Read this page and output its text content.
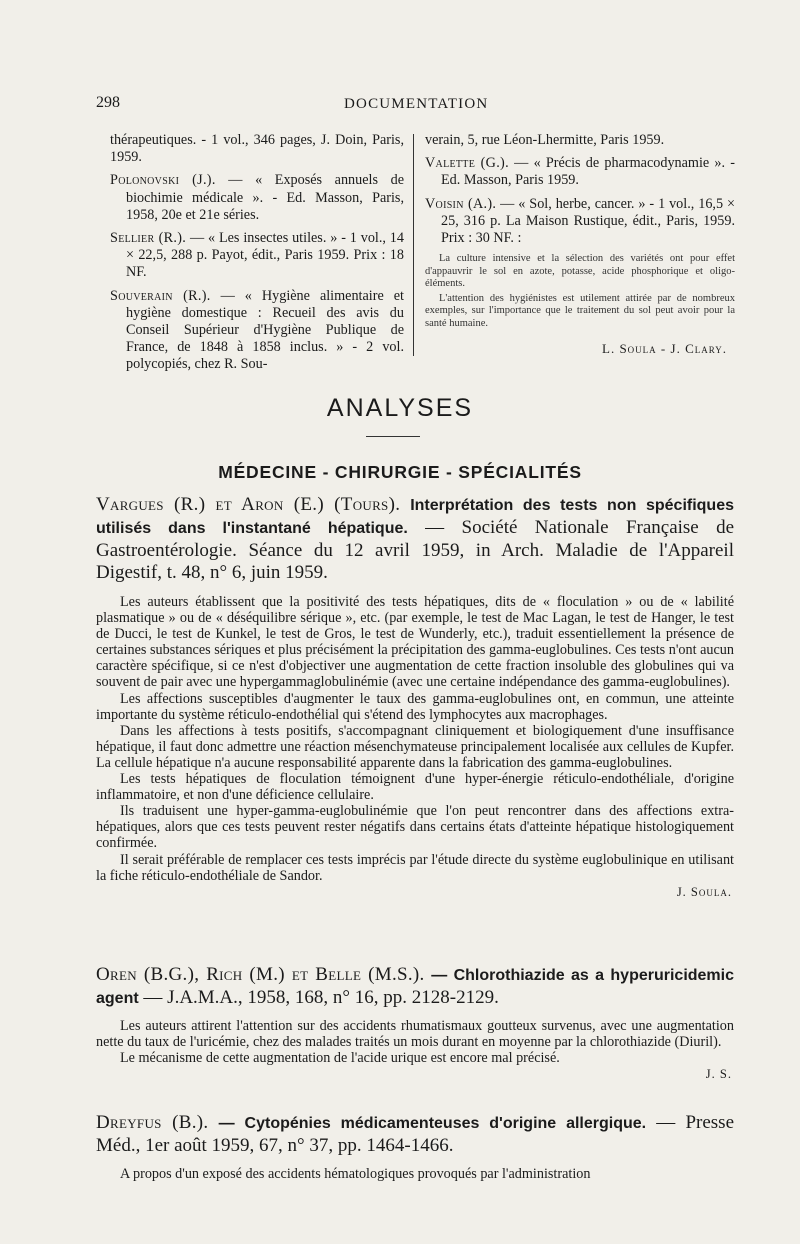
298	DOCUMENTATION

thérapeutiques. - 1 vol., 346 pages, J. Doin, Paris, 1959.

Polonovski (J.). — « Exposés annuels de biochimie médicale ». - Ed. Masson, Paris, 1958, 20e et 21e séries.

Sellier (R.). — « Les insectes utiles. » - 1 vol., 14 × 22,5, 288 p. Payot, édit., Paris 1959. Prix : 18 NF.

Souverain (R.). — « Hygiène alimentaire et hygiène domestique : Recueil des avis du Conseil Supérieur d'Hygiène Publique de France, de 1848 à 1858 inclus. » - 2 vol. polycopiés, chez R. Sou-

verain, 5, rue Léon-Lhermitte, Paris 1959.

Valette (G.). — « Précis de pharmacodynamie ». - Ed. Masson, Paris 1959.

Voisin (A.). — « Sol, herbe, cancer. » - 1 vol., 16,5 × 25, 316 p. La Maison Rustique, édit., Paris, 1959. Prix : 30 NF. :

La culture intensive et la sélection des variétés ont pour effet d'appauvrir le sol en azote, potasse, acide phosphorique et oligo-éléments.

L'attention des hygiénistes est utilement attirée par de nombreux exemples, sur l'importance que le traitement du sol peut avoir pour la santé humaine.

L. Soula - J. Clary.
ANALYSES
MÉDECINE - CHIRURGIE - SPÉCIALITÉS
Vargues (R.) et Aron (E.) (Tours). Interprétation des tests non spécifiques utilisés dans l'instantané hépatique. — Société Nationale Française de Gastroentérologie. Séance du 12 avril 1959, in Arch. Maladie de l'Appareil Digestif, t. 48, n° 6, juin 1959.

Les auteurs établissent que la positivité des tests hépatiques, dits de « floculation » ou de « labilité plasmatique » ou de « déséquilibre sérique », etc. (par exemple, le test de Mac Lagan, le test de Hanger, le test de Ducci, le test de Kunkel, le test de Gros, le test de Wunderly, etc.), traduit essentiellement la présence de certaines substances sériques et plus précisément la précipitation des gamma-euglobulines. Ces tests n'ont aucun caractère spécifique, si ce n'est d'objectiver une augmentation de cette fraction insoluble des globulines qui va souvent de pair avec une hypergammaglobulinémie (avec une certaine indépendance des gamma-euglobulines).

Les affections susceptibles d'augmenter le taux des gamma-euglobulines ont, en commun, une atteinte importante du système réticulo-endothélial qui s'étend des lymphocytes aux macrophages.

Dans les affections à tests positifs, s'accompagnant cliniquement et biologiquement d'une insuffisance hépatique, il faut donc admettre une réaction mésenchymateuse principalement localisée aux cellules de Kupfer. La cellule hépatique n'a aucune responsabilité apparente dans la fabrication des gamma-euglobulines.

Les tests hépatiques de floculation témoignent d'une hyper-énergie réticulo-endothéliale, d'origine inflammatoire, et non d'une déficience cellulaire.

Ils traduisent une hyper-gamma-euglobulinémie que l'on peut rencontrer dans des affections extra-hépatiques, alors que ces tests peuvent rester négatifs dans certains états d'atteinte hépatique histologiquement confirmée.

Il serait préférable de remplacer ces tests imprécis par l'étude directe du système euglobulinique en utilisant la fiche réticulo-endothéliale de Sandor.

J. Soula.

Oren (B.G.), Rich (M.) et Belle (M.S.). — Chlorothiazide as a hyperuricidemic agent — J.A.M.A., 1958, 168, n° 16, pp. 2128-2129.

Les auteurs attirent l'attention sur des accidents rhumatismaux goutteux survenus, avec une augmentation nette du taux de l'uricémie, chez des malades traités un mois durant en moyenne par la chlorothiazide (Diuril).

Le mécanisme de cette augmentation de l'acide urique est encore mal précisé.

J. S.

Dreyfus (B.). — Cytopénies médicamenteuses d'origine allergique. — Presse Méd., 1er août 1959, 67, n° 37, pp. 1464-1466.

A propos d'un exposé des accidents hématologiques provoqués par l'administration
